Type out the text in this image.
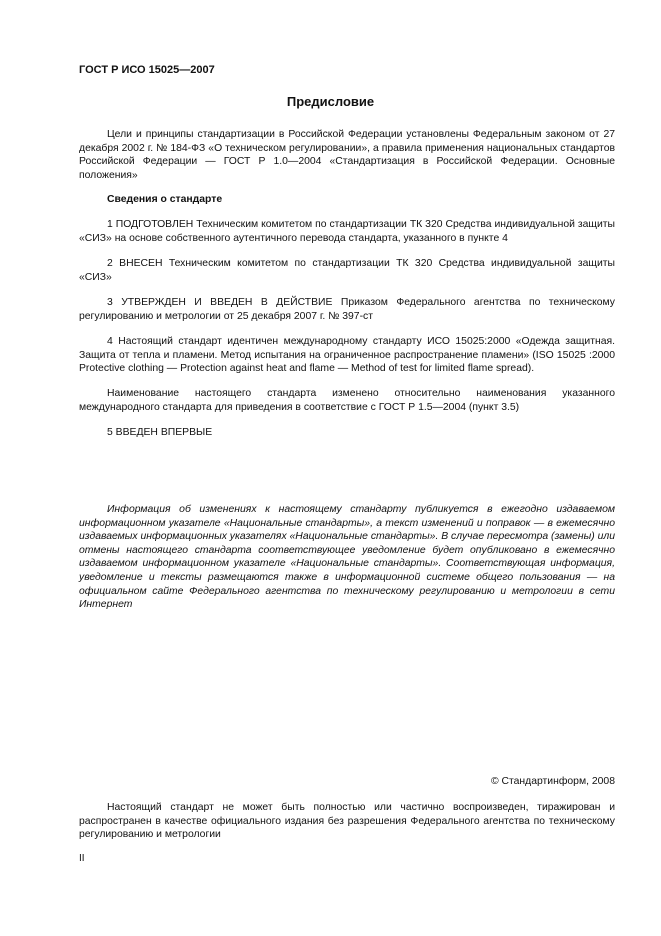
ГОСТ Р ИСО 15025—2007
Предисловие
Цели и принципы стандартизации в Российской Федерации установлены Федеральным законом от 27 декабря 2002 г. № 184-ФЗ «О техническом регулировании», а правила применения национальных стандартов Российской Федерации — ГОСТ Р 1.0—2004 «Стандартизация в Российской Федерации. Основные положения»
Сведения о стандарте
1 ПОДГОТОВЛЕН Техническим комитетом по стандартизации ТК 320 Средства индивидуальной защиты «СИЗ» на основе собственного аутентичного перевода стандарта, указанного в пункте 4
2 ВНЕСЕН Техническим комитетом по стандартизации ТК 320 Средства индивидуальной защиты «СИЗ»
3 УТВЕРЖДЕН И ВВЕДЕН В ДЕЙСТВИЕ Приказом Федерального агентства по техническому регулированию и метрологии от 25 декабря 2007 г. № 397-ст
4 Настоящий стандарт идентичен международному стандарту ИСО 15025:2000 «Одежда защитная. Защита от тепла и пламени. Метод испытания на ограниченное распространение пламени» (ISO 15025 :2000 Protective clothing — Protection against heat and flame — Method of test for limited flame spread).
Наименование настоящего стандарта изменено относительно наименования указанного международного стандарта для приведения в соответствие с ГОСТ Р 1.5—2004 (пункт 3.5)
5 ВВЕДЕН ВПЕРВЫЕ
Информация об изменениях к настоящему стандарту публикуется в ежегодно издаваемом информационном указателе «Национальные стандарты», а текст изменений и поправок — в ежемесячно издаваемых информационных указателях «Национальные стандарты». В случае пересмотра (замены) или отмены настоящего стандарта соответствующее уведомление будет опубликовано в ежемесячно издаваемом информационном указателе «Национальные стандарты». Соответствующая информация, уведомление и тексты размещаются также в информационной системе общего пользования — на официальном сайте Федерального агентства по техническому регулированию и метрологии в сети Интернет
© Стандартинформ, 2008
Настоящий стандарт не может быть полностью или частично воспроизведен, тиражирован и распространен в качестве официального издания без разрешения Федерального агентства по техническому регулированию и метрологии
II
